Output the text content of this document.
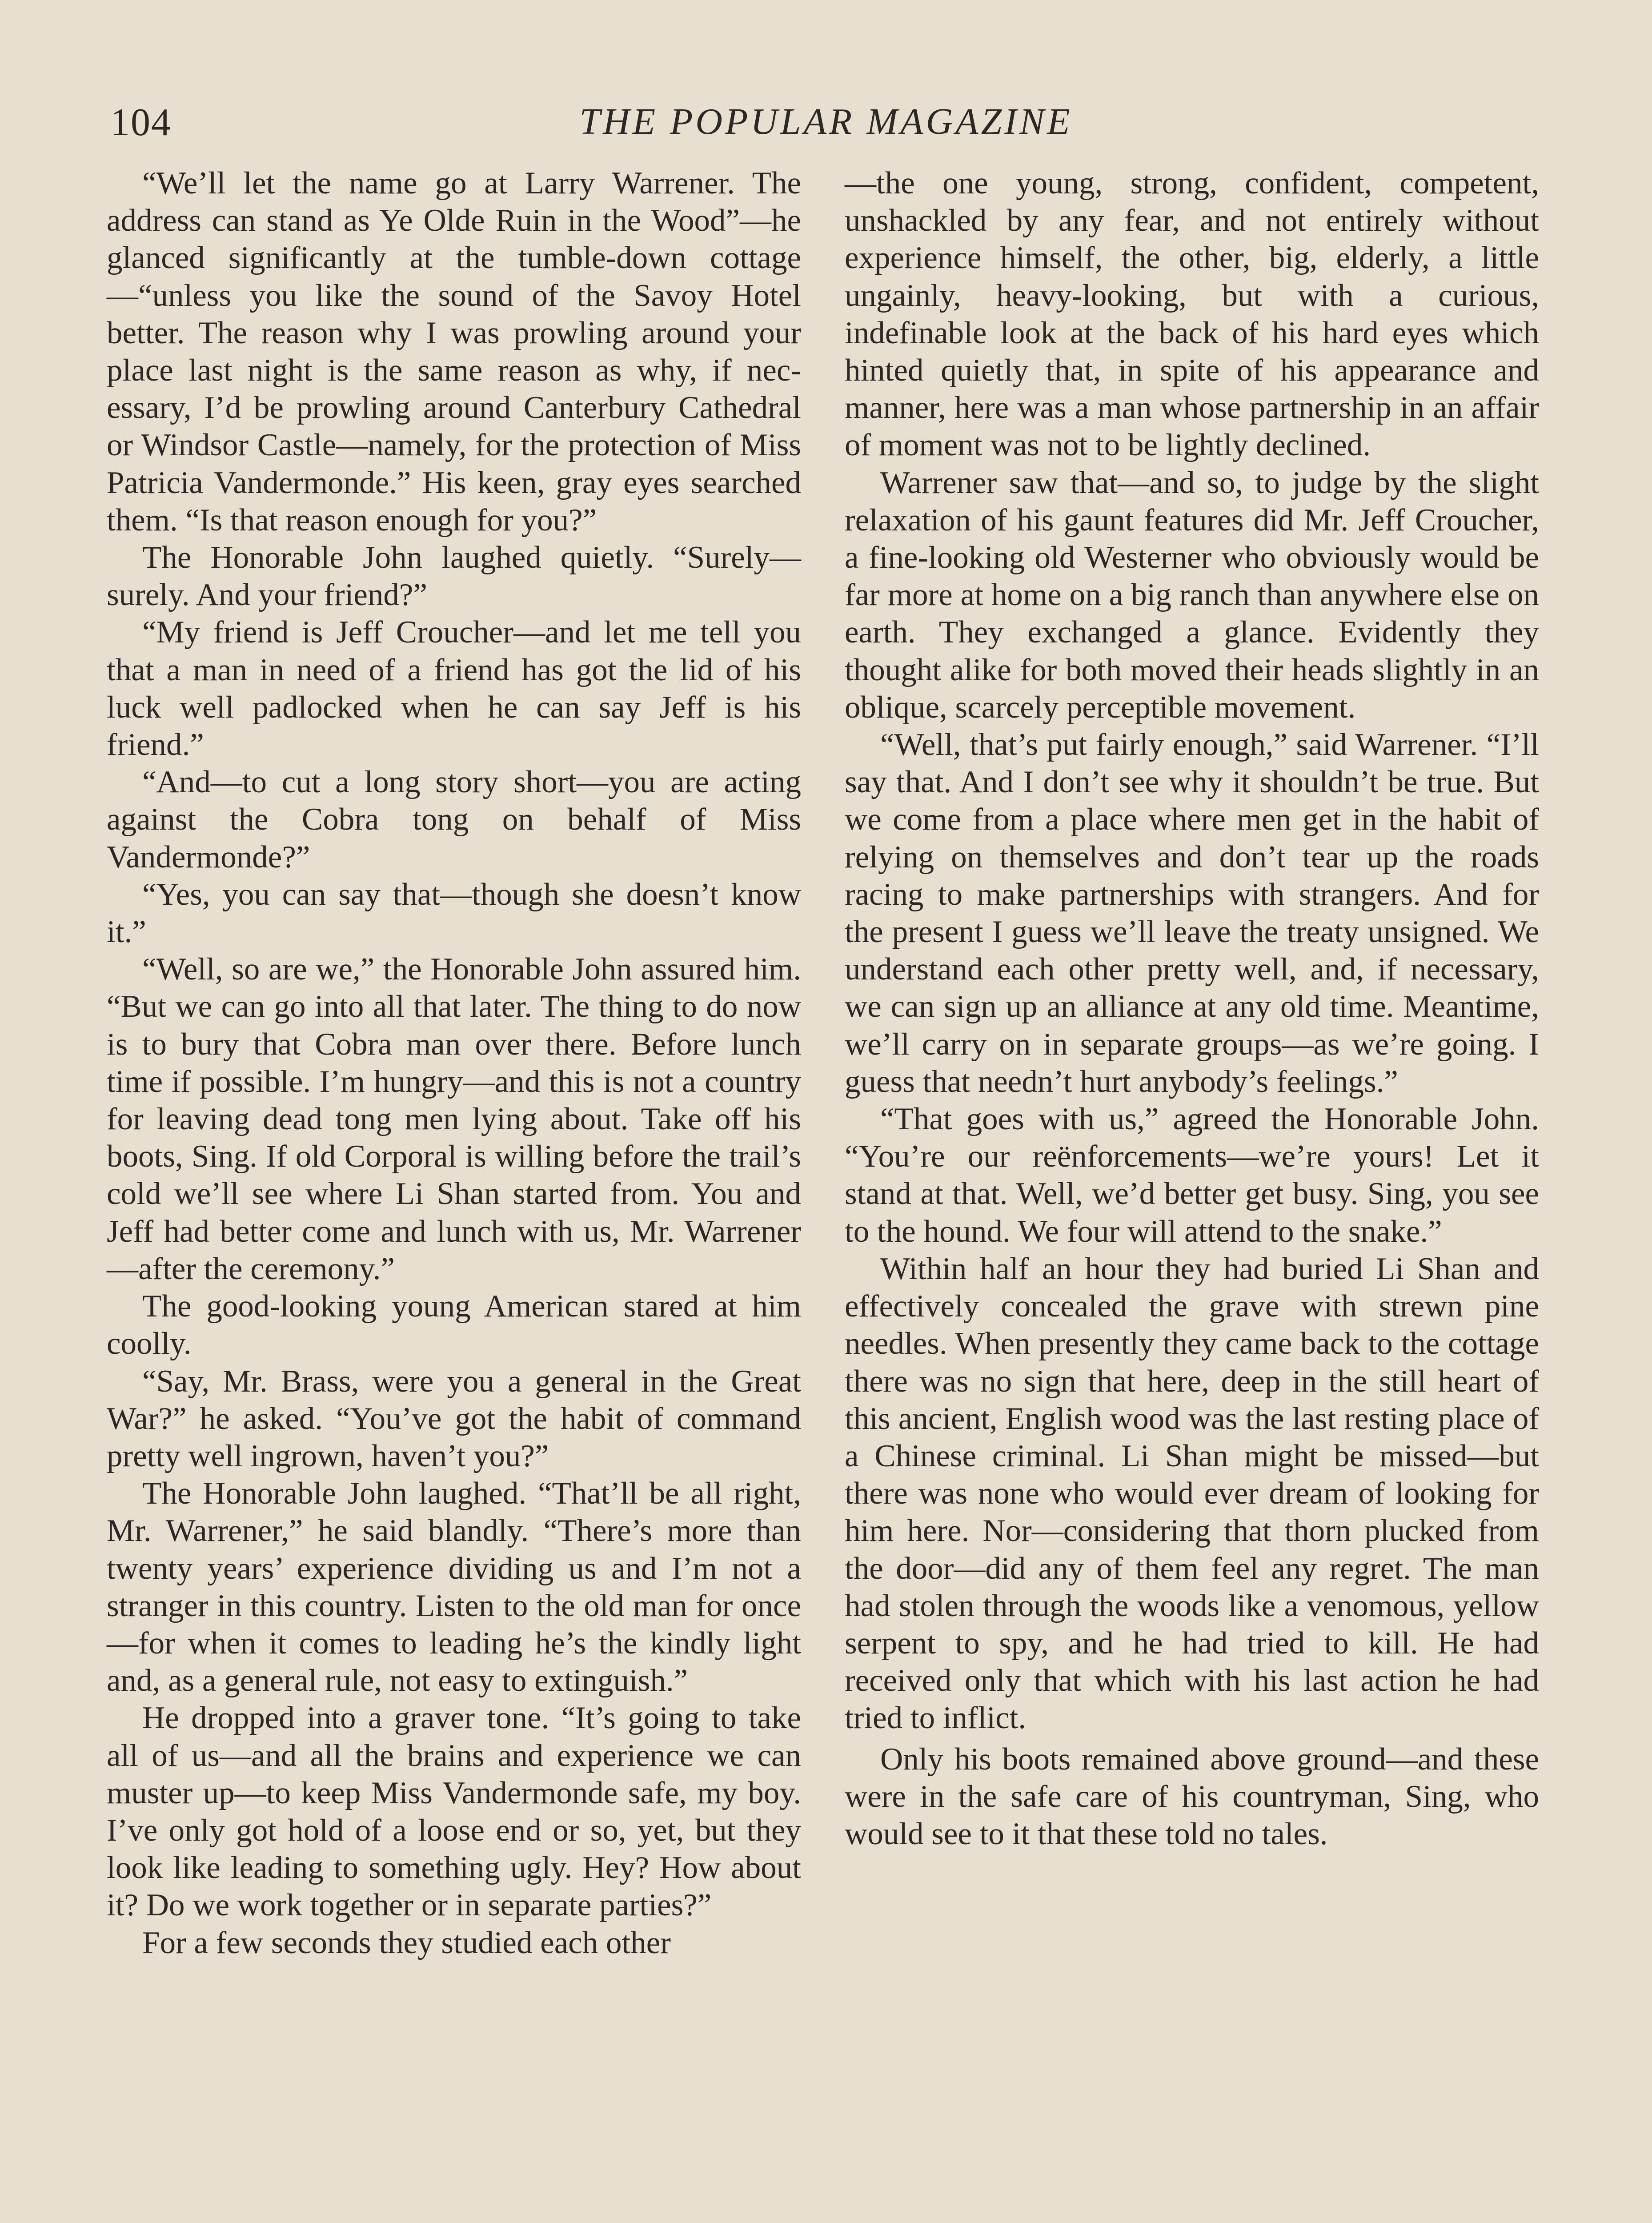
104	THE POPULAR MAGAZINE

“We’ll let the name go at Larry Warrener. The address can stand as Ye Olde Ruin in the Wood”—he glanced significantly at the tumble-down cottage—“unless you like the sound of the Savoy Hotel better. The reason why I was prowling around your place last night is the same reason as why, if necessary, I’d be prowling around Canterbury Cathedral or Windsor Castle—namely, for the protection of Miss Patricia Vandermonde.” His keen, gray eyes searched them. “Is that reason enough for you?”

The Honorable John laughed quietly. “Surely—surely. And your friend?”

“My friend is Jeff Croucher—and let me tell you that a man in need of a friend has got the lid of his luck well padlocked when he can say Jeff is his friend.”

“And—to cut a long story short—you are acting against the Cobra tong on behalf of Miss Vandermonde?”

“Yes, you can say that—though she doesn’t know it.”

“Well, so are we,” the Honorable John assured him. “But we can go into all that later. The thing to do now is to bury that Cobra man over there. Before lunch time if possible. I’m hungry—and this is not a country for leaving dead tong men lying about. Take off his boots, Sing. If old Corporal is willing before the trail’s cold we’ll see where Li Shan started from. You and Jeff had better come and lunch with us, Mr. Warrener—after the ceremony.”

The good-looking young American stared at him coolly.

“Say, Mr. Brass, were you a general in the Great War?” he asked. “You’ve got the habit of command pretty well ingrown, haven’t you?”

The Honorable John laughed. “That’ll be all right, Mr. Warrener,” he said blandly. “There’s more than twenty years’ experience dividing us and I’m not a stranger in this country. Listen to the old man for once—for when it comes to leading he’s the kindly light and, as a general rule, not easy to extinguish.”

He dropped into a graver tone. “It’s going to take all of us—and all the brains and experience we can muster up—to keep Miss Vandermonde safe, my boy. I’ve only got hold of a loose end or so, yet, but they look like leading to something ugly. Hey? How about it? Do we work together or in separate parties?”

For a few seconds they studied each other

—the one young, strong, confident, competent, unshackled by any fear, and not entirely without experience himself, the other, big, elderly, a little ungainly, heavy-looking, but with a curious, indefinable look at the back of his hard eyes which hinted quietly that, in spite of his appearance and manner, here was a man whose partnership in an affair of moment was not to be lightly declined.

Warrener saw that—and so, to judge by the slight relaxation of his gaunt features did Mr. Jeff Croucher, a fine-looking old Westerner who obviously would be far more at home on a big ranch than anywhere else on earth. They exchanged a glance. Evidently they thought alike for both moved their heads slightly in an oblique, scarcely perceptible movement.

“Well, that’s put fairly enough,” said Warrener. “I’ll say that. And I don’t see why it shouldn’t be true. But we come from a place where men get in the habit of relying on themselves and don’t tear up the roads racing to make partnerships with strangers. And for the present I guess we’ll leave the treaty unsigned. We understand each other pretty well, and, if necessary, we can sign up an alliance at any old time. Meantime, we’ll carry on in separate groups—as we’re going. I guess that needn’t hurt anybody’s feelings.”

“That goes with us,” agreed the Honorable John. “You’re our reënforcements—we’re yours! Let it stand at that. Well, we’d better get busy. Sing, you see to the hound. We four will attend to the snake.”

Within half an hour they had buried Li Shan and effectively concealed the grave with strewn pine needles. When presently they came back to the cottage there was no sign that here, deep in the still heart of this ancient, English wood was the last resting place of a Chinese criminal. Li Shan might be missed—but there was none who would ever dream of looking for him here. Nor—considering that thorn plucked from the door—did any of them feel any regret. The man had stolen through the woods like a venomous, yellow serpent to spy, and he had tried to kill. He had received only that which with his last action he had tried to inflict.

Only his boots remained above ground—and these were in the safe care of his countryman, Sing, who would see to it that these told no tales.
